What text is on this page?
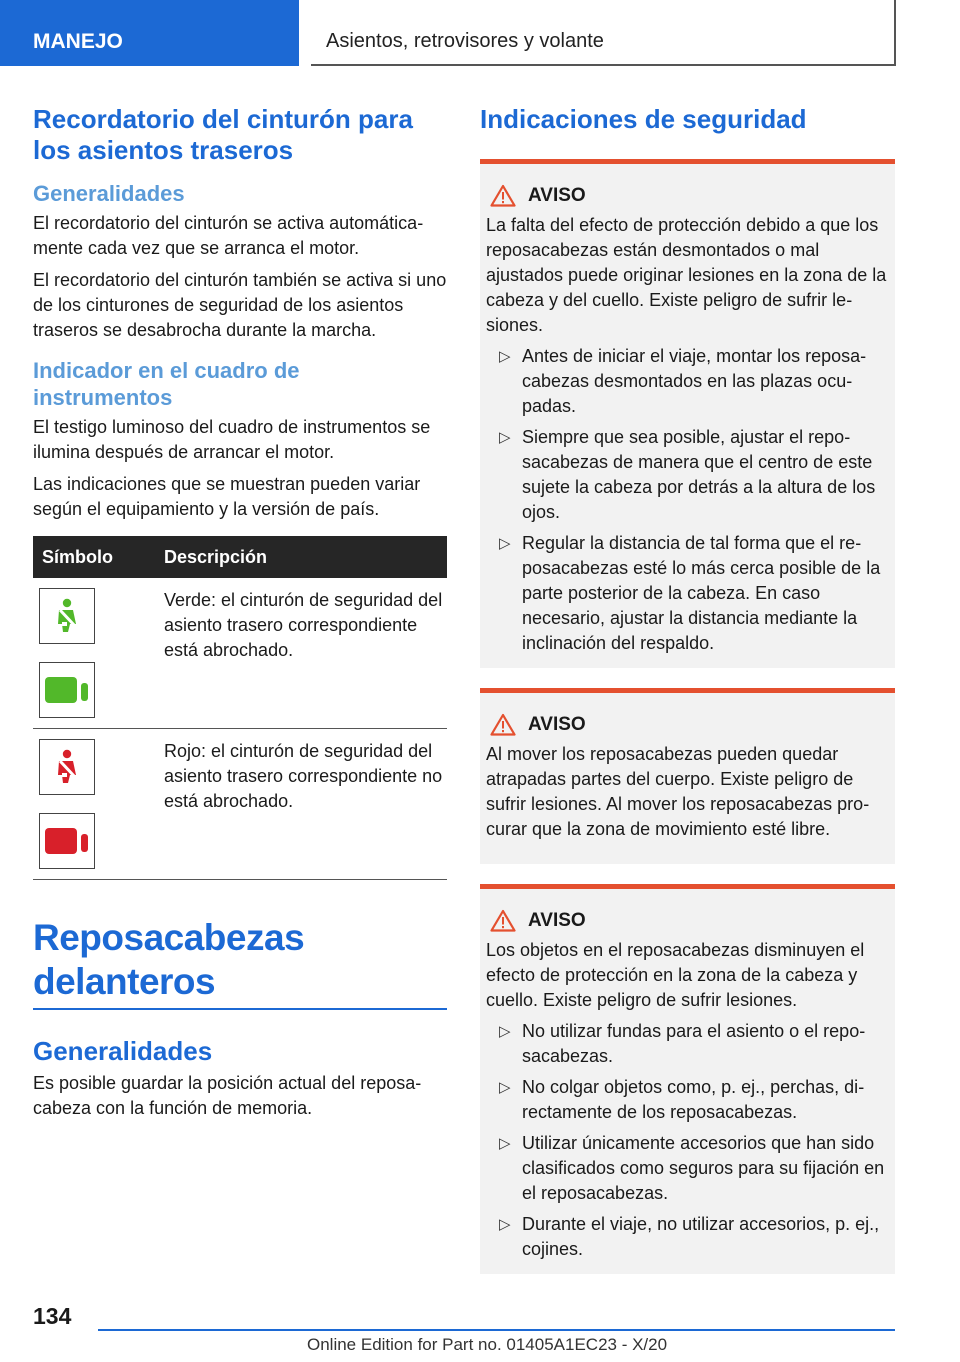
MANEJO	Asientos, retrovisores y volante
Recordatorio del cinturón para los asientos traseros
Generalidades

El recordatorio del cinturón se activa automáticamente cada vez que se arranca el motor.

El recordatorio del cinturón también se activa si uno de los cinturones de seguridad de los asientos traseros se desabrocha durante la marcha.

Indicador en el cuadro de instrumentos

El testigo luminoso del cuadro de instrumentos se ilumina después de arrancar el motor.

Las indicaciones que se muestran pueden variar según el equipamiento y la versión de país.

Símbolo	Descripción

	Verde: el cinturón de seguridad del asiento trasero correspondiente está abrochado.

	Rojo: el cinturón de seguridad del asiento trasero correspondiente no está abrochado.
Reposacabezas delanteros
Generalidades

Es posible guardar la posición actual del reposacabeza con la función de memoria.

Indicaciones de seguridad
AVISO

La falta del efecto de protección debido a que los reposacabezas están desmontados o mal ajustados puede originar lesiones en la zona de la cabeza y del cuello. Existe peligro de sufrir lesiones.

▷ Antes de iniciar el viaje, montar los reposacabezas desmontados en las plazas ocupadas.
▷ Siempre que sea posible, ajustar el reposacabezas de manera que el centro de este sujete la cabeza por detrás a la altura de los ojos.
▷ Regular la distancia de tal forma que el reposacabezas esté lo más cerca posible de la parte posterior de la cabeza. En caso necesario, ajustar la distancia mediante la inclinación del respaldo.
AVISO

Al mover los reposacabezas pueden quedar atrapadas partes del cuerpo. Existe peligro de sufrir lesiones. Al mover los reposacabezas procurar que la zona de movimiento esté libre.

AVISO

Los objetos en el reposacabezas disminuyen el efecto de protección en la zona de la cabeza y cuello. Existe peligro de sufrir lesiones.

▷ No utilizar fundas para el asiento o el reposacabezas.
▷ No colgar objetos como, p. ej., perchas, directamente de los reposacabezas.
▷ Utilizar únicamente accesorios que han sido clasificados como seguros para su fijación en el reposacabezas.
▷ Durante el viaje, no utilizar accesorios, p. ej., cojines.
134
Online Edition for Part no. 01405A1EC23 - X/20
